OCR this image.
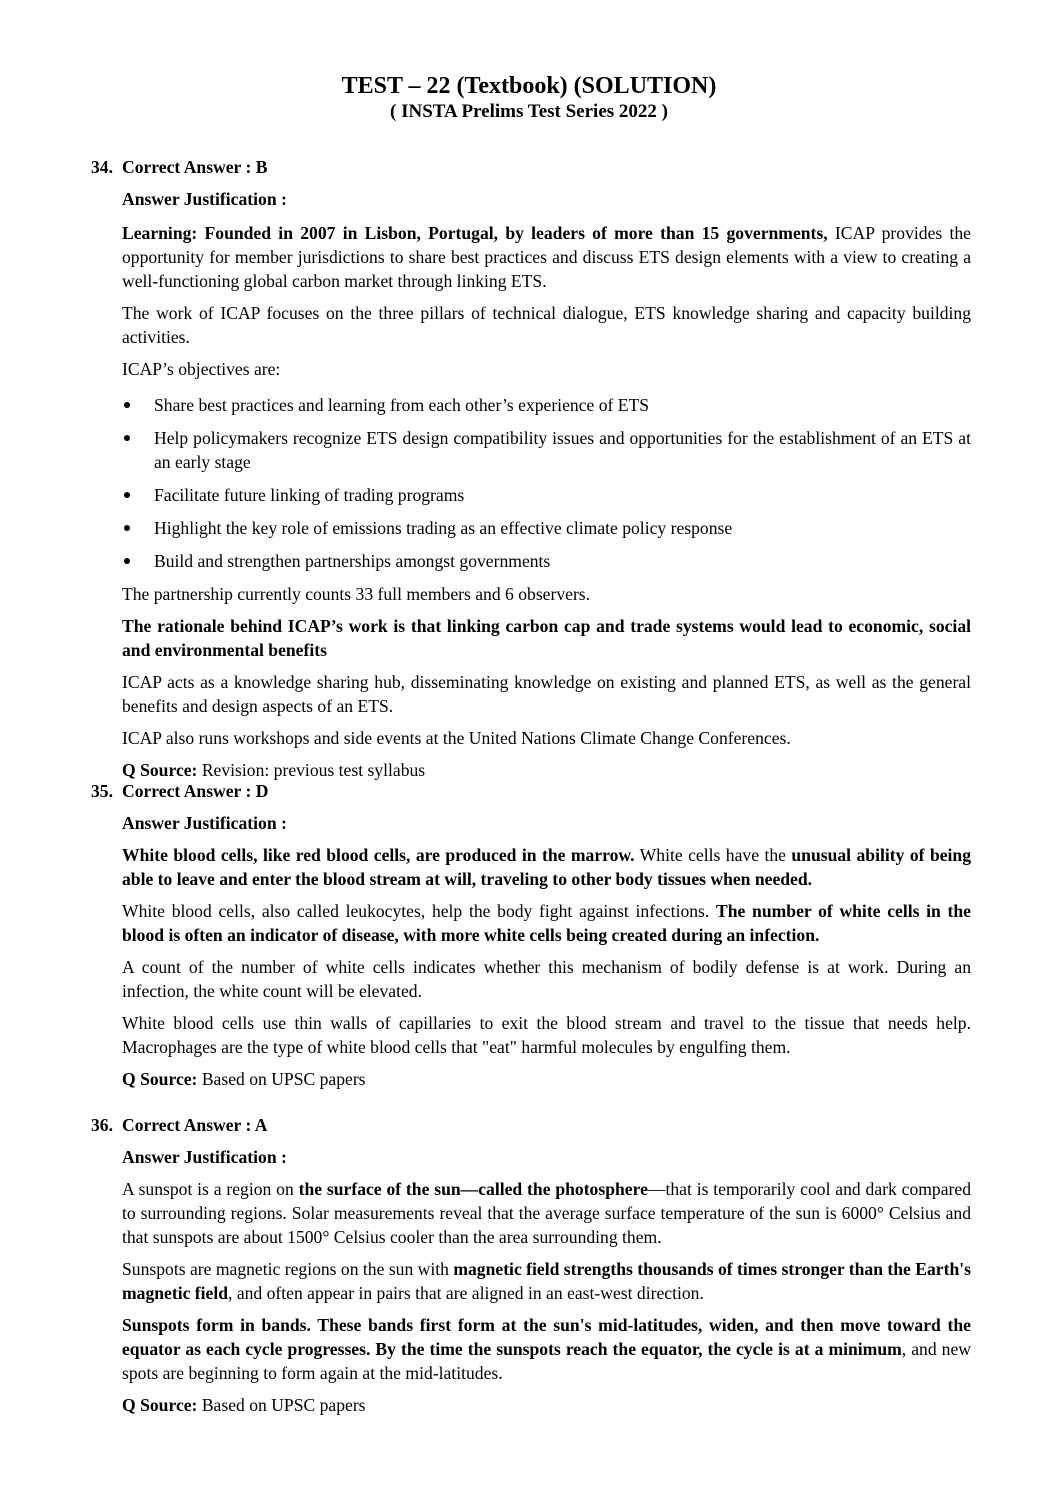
TEST – 22 (Textbook) (SOLUTION)
( INSTA Prelims Test Series 2022 )

34. Correct Answer : B

Answer Justification :

Learning: Founded in 2007 in Lisbon, Portugal, by leaders of more than 15 governments, ICAP provides the opportunity for member jurisdictions to share best practices and discuss ETS design elements with a view to creating a well-functioning global carbon market through linking ETS.

The work of ICAP focuses on the three pillars of technical dialogue, ETS knowledge sharing and capacity building activities.

ICAP’s objectives are:

Share best practices and learning from each other’s experience of ETS
Help policymakers recognize ETS design compatibility issues and opportunities for the establishment of an ETS at an early stage
Facilitate future linking of trading programs
Highlight the key role of emissions trading as an effective climate policy response
Build and strengthen partnerships amongst governments

The partnership currently counts 33 full members and 6 observers.

The rationale behind ICAP’s work is that linking carbon cap and trade systems would lead to economic, social and environmental benefits

ICAP acts as a knowledge sharing hub, disseminating knowledge on existing and planned ETS, as well as the general benefits and design aspects of an ETS.

ICAP also runs workshops and side events at the United Nations Climate Change Conferences.

Q Source: Revision: previous test syllabus

35. Correct Answer : D

Answer Justification :

White blood cells, like red blood cells, are produced in the marrow. White cells have the unusual ability of being able to leave and enter the blood stream at will, traveling to other body tissues when needed.

White blood cells, also called leukocytes, help the body fight against infections. The number of white cells in the blood is often an indicator of disease, with more white cells being created during an infection.

A count of the number of white cells indicates whether this mechanism of bodily defense is at work. During an infection, the white count will be elevated.

White blood cells use thin walls of capillaries to exit the blood stream and travel to the tissue that needs help. Macrophages are the type of white blood cells that "eat" harmful molecules by engulfing them.

Q Source: Based on UPSC papers

36. Correct Answer : A

Answer Justification :

A sunspot is a region on the surface of the sun—called the photosphere—that is temporarily cool and dark compared to surrounding regions. Solar measurements reveal that the average surface temperature of the sun is 6000° Celsius and that sunspots are about 1500° Celsius cooler than the area surrounding them.

Sunspots are magnetic regions on the sun with magnetic field strengths thousands of times stronger than the Earth's magnetic field, and often appear in pairs that are aligned in an east-west direction.

Sunspots form in bands. These bands first form at the sun's mid-latitudes, widen, and then move toward the equator as each cycle progresses. By the time the sunspots reach the equator, the cycle is at a minimum, and new spots are beginning to form again at the mid-latitudes.

Q Source: Based on UPSC papers
